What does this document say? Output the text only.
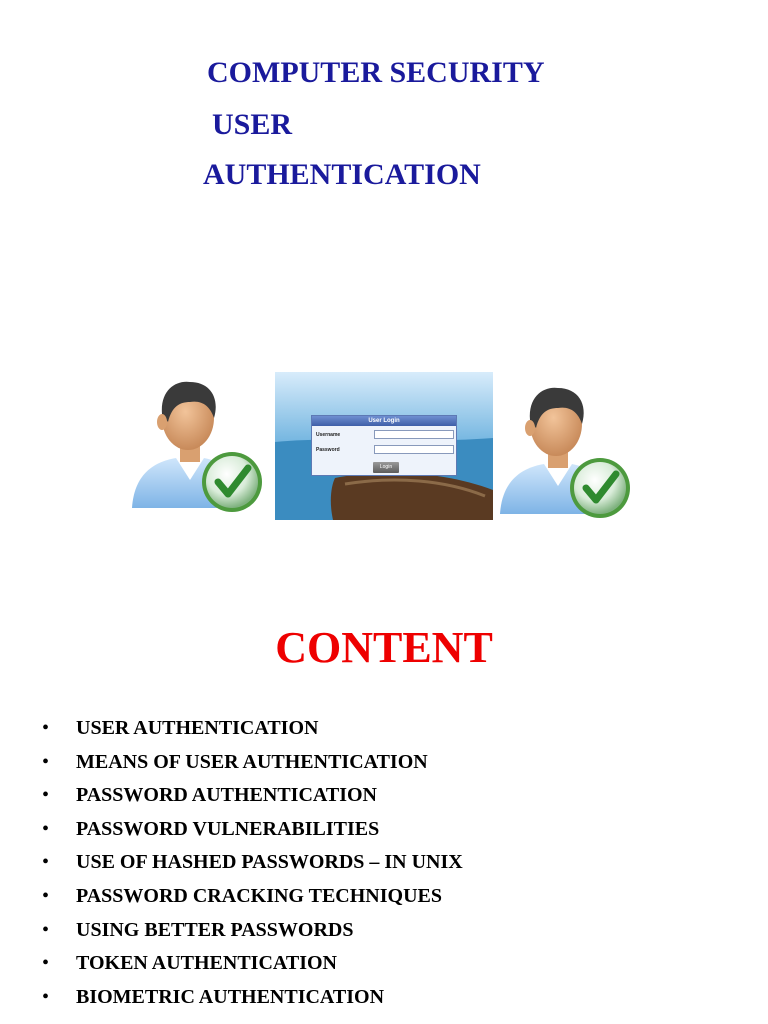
COMPUTER SECURITY
USER
AUTHENTICATION
User Login
Username
Password
Login
CONTENT
• USER AUTHENTICATION
• MEANS OF USER AUTHENTICATION
• PASSWORD AUTHENTICATION
• PASSWORD VULNERABILITIES
• USE OF HASHED PASSWORDS – IN UNIX
• PASSWORD CRACKING TECHNIQUES
• USING BETTER PASSWORDS
• TOKEN AUTHENTICATION
• BIOMETRIC AUTHENTICATION
